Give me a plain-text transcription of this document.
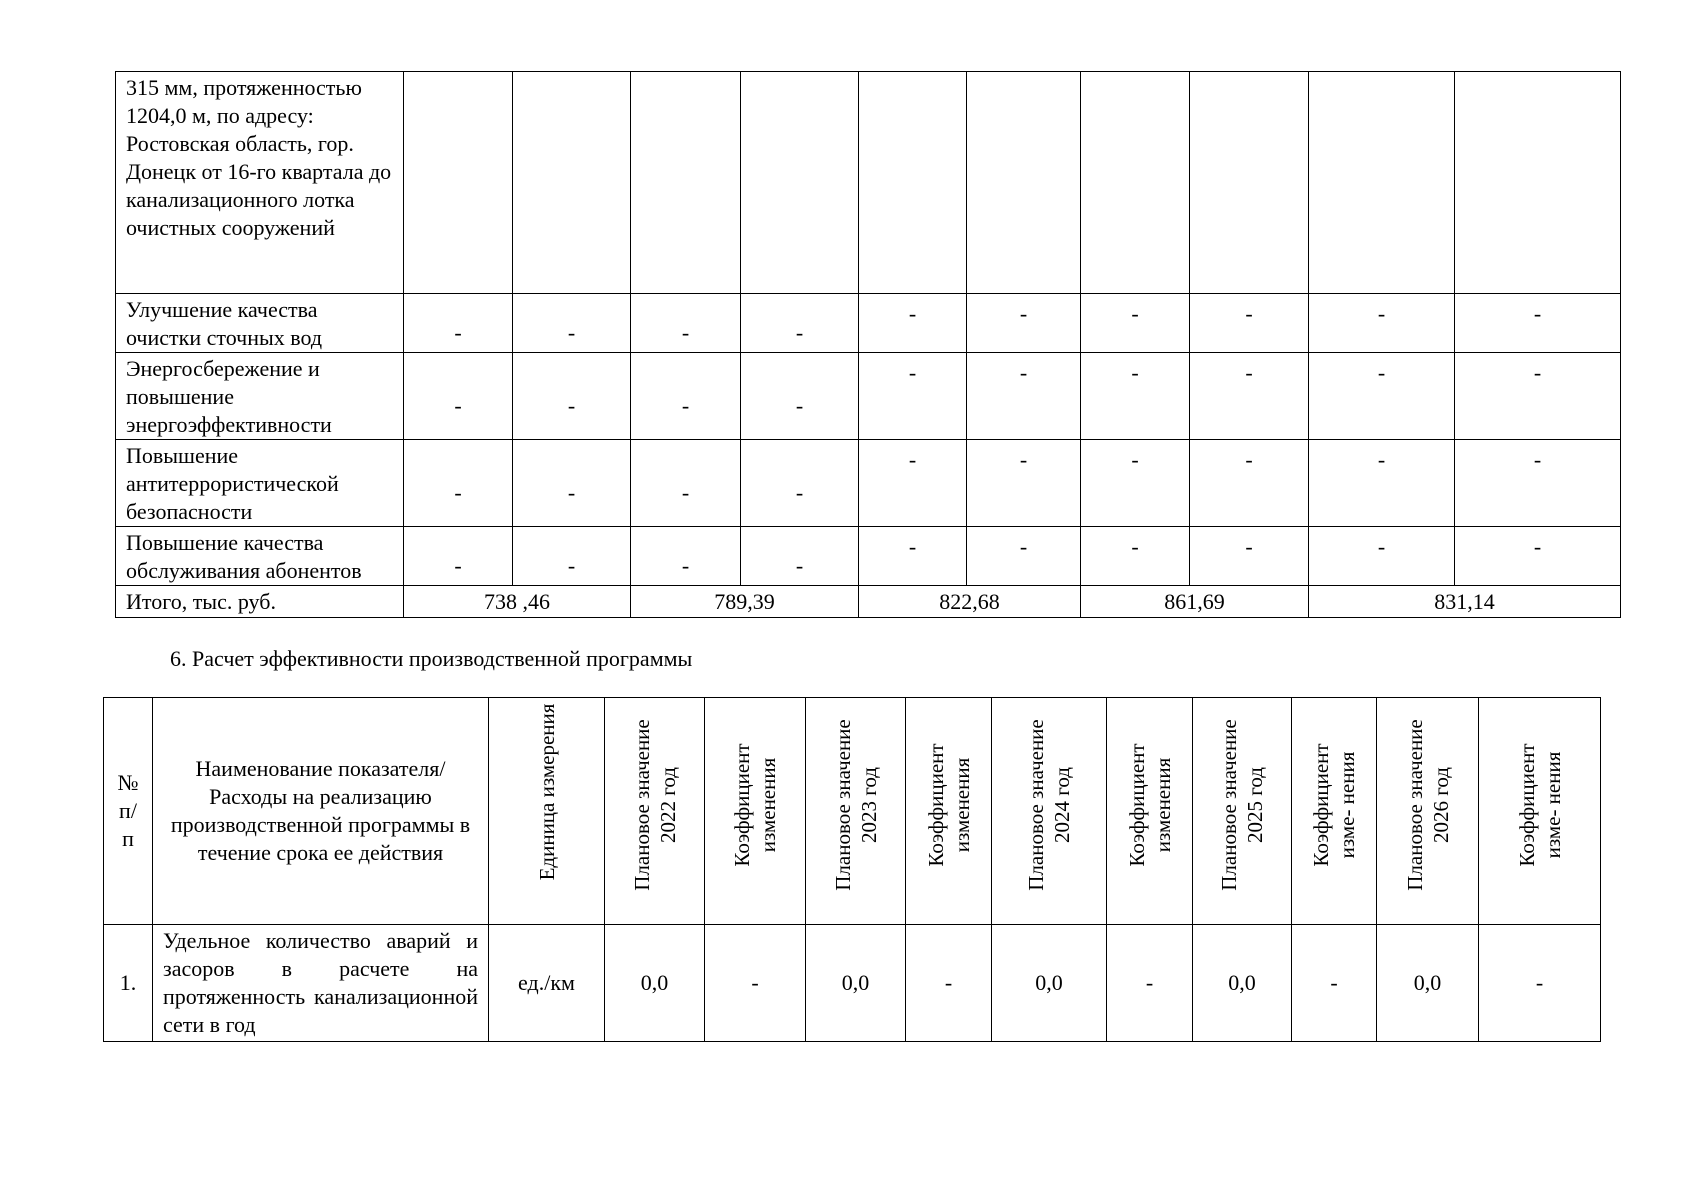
315 мм, протяженностью 1204,0 м, по адресу: Ростовская область, гор. Донецк от 16-го квартала до канализационного лотка очистных сооружений										
Улучшение качества очистки сточных вод	-	-	-	-	-	-	-	-	-	-
Энергосбережение и повышение энергоэффективности	-	-	-	-	-	-	-	-	-	-
Повышение антитеррористической безопасности	-	-	-	-	-	-	-	-	-	-
Повышение качества обслуживания абонентов	-	-	-	-	-	-	-	-	-	-
Итого, тыс. руб.	738 ,46		789,39		822,68		861,69		831,14	

6. Расчет эффективности производственной программы

№ п/ п	Наименование показателя/Расходы на реализацию производственной программы в течение срока ее действия	Единица измерения	Плановое значение 2022 год	Коэффициент изменения	Плановое значение 2023 год	Коэффициент изменения	Плановое значение 2024 год	Коэффициент изменения	Плановое значение 2025 год	Коэффициент изме- нения	Плановое значение 2026 год	Коэффициент изме- нения

1.	Удельное количество аварий и засоров в расчете на протяженность канализационной сети в год	ед./км	0,0	-	0,0	-	0,0	-	0,0	-	0,0	-
